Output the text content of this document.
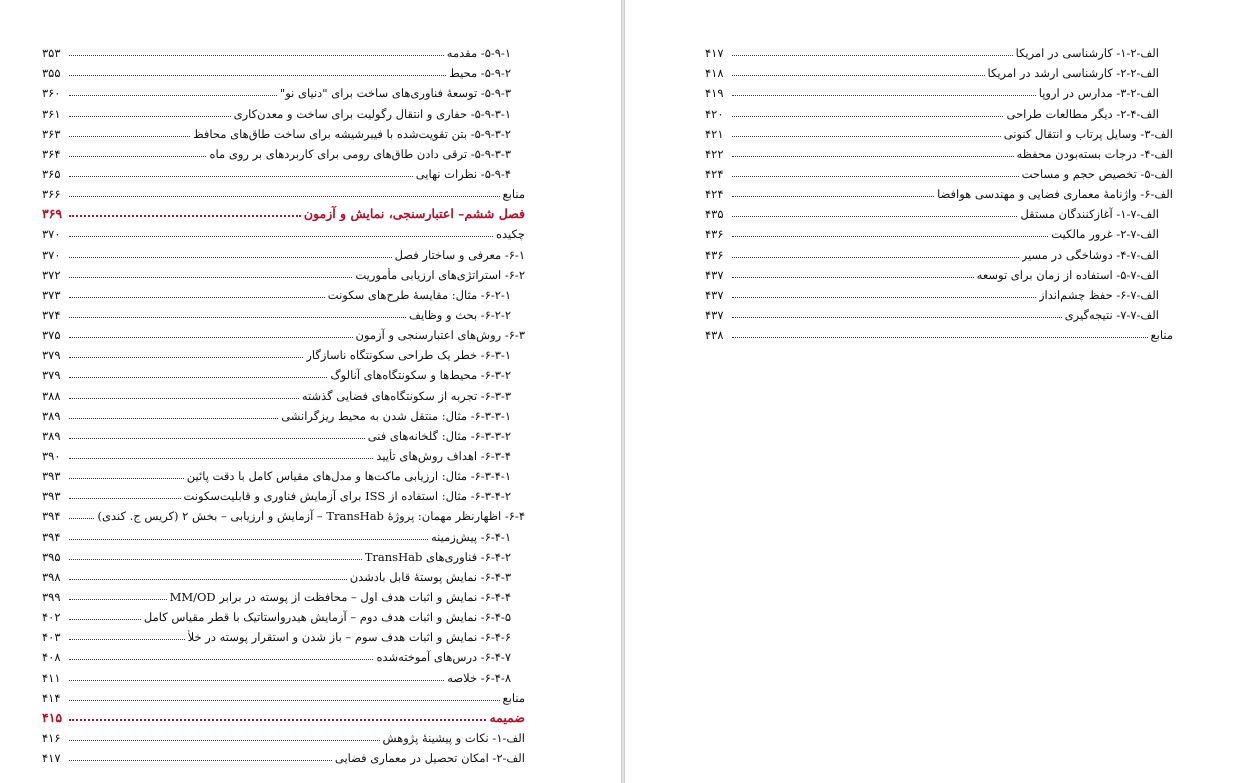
۵-۹-۱- مقدمه
۳۵۳
۵-۹-۲- محیط
۳۵۵
۵-۹-۳- توسعهٔ فناوری‌های ساخت برای "دنیای نو"
۳۶۰
۵-۹-۳-۱- حفاری و انتقال رگولیت برای ساخت و معدن‌کاری
۳۶۱
۵-۹-۳-۲- بتن تقویت‌شده با فیبرشیشه برای ساخت طاق‌های محافظ
۳۶۳
۵-۹-۳-۳- ترقی دادن طاق‌های رومی برای کاربردهای بر روی ماه
۳۶۴
۵-۹-۴- نظرات نهایی
۳۶۵
منابع
۳۶۶
فصل ششم– اعتبارسنجی، نمایش و آزمون
۳۶۹
چکیده
۳۷۰
۶-۱- معرفی و ساختار فصل
۳۷۰
۶-۲- استراتژی‌های ارزیابی مأموریت
۳۷۲
۶-۲-۱- مثال: مقایسهٔ طرح‌های سکونت
۳۷۳
۶-۲-۲- بحث و وظایف
۳۷۴
۶-۳- روش‌های اعتبارسنجی و آزمون
۳۷۵
۶-۳-۱- خطر یک طراحی سکونتگاه ناسازگار
۳۷۹
۶-۳-۲- محیط‌ها و سکونتگاه‌های آنالوگ
۳۷۹
۶-۳-۳- تجربه از سکونتگاه‌های فضایی گذشته
۳۸۸
۶-۳-۳-۱- مثال: منتقل شدن به محیط ریزگرانشی
۳۸۹
۶-۳-۳-۲- مثال: گلخانه‌های فنی
۳۸۹
۶-۳-۴- اهداف روش‌های تأیید
۳۹۰
۶-۳-۴-۱- مثال: ارزیابی ماکت‌ها و مدل‌های مقیاس کامل با دقت پائین
۳۹۳
۶-۳-۴-۲- مثال: استفاده از ISS برای آزمایش فناوری و قابلیت‌سکونت
۳۹۳
۶-۴- اظهارنظر مهمان: پروژهٔ TransHab – آزمایش و ارزیابی – بخش ۲ (کریس ج. کندی)
۳۹۴
۶-۴-۱- پیش‌زمینه
۳۹۴
۶-۴-۲- فناوری‌های TransHab
۳۹۵
۶-۴-۳- نمایش پوستهٔ قابل بادشدن
۳۹۸
۶-۴-۴- نمایش و اثبات هدف اول – محافظت از پوسته در برابر MM/OD
۳۹۹
۶-۴-۵- نمایش و اثبات هدف دوم – آزمایش هیدرواستاتیک با قطر مقیاس کامل
۴۰۲
۶-۴-۶- نمایش و اثبات هدف سوم – باز شدن و استقرار پوسته در خلأ
۴۰۳
۶-۴-۷- درس‌های آموخته‌شده
۴۰۸
۶-۴-۸- خلاصه
۴۱۱
منابع
۴۱۴
ضمیمه
۴۱۵
الف-۱- نکات و پیشینهٔ پژوهش
۴۱۶
الف-۲- امکان تحصیل در معماری فضایی
۴۱۷
الف-۲-۱- کارشناسی در امریکا
۴۱۷
الف-۲-۲- کارشناسی ارشد در امریکا
۴۱۸
الف-۲-۳- مدارس در اروپا
۴۱۹
الف-۴-۲- دیگر مطالعات طراحی
۴۲۰
الف-۳- وسایل پرتاب و انتقال کنونی
۴۲۱
الف-۴- درجات بسته‌بودن محفظه
۴۲۲
الف-۵- تخصیص حجم و مساحت
۴۲۴
الف-۶- واژنامهٔ معماری فضایی و مهندسی هوافضا
۴۲۴
الف-۷-۱- آغازکنندگان مستقل
۴۳۵
الف-۷-۲- غرور مالکیت
۴۳۶
الف-۷-۴- دوشاخگی در مسیر
۴۳۶
الف-۷-۵- استفاده از زمان برای توسعه
۴۳۷
الف-۷-۶- حفظ چشم‌انداز
۴۳۷
الف-۷-۷- نتیجه‌گیری
۴۳۷
منابع
۴۳۸
